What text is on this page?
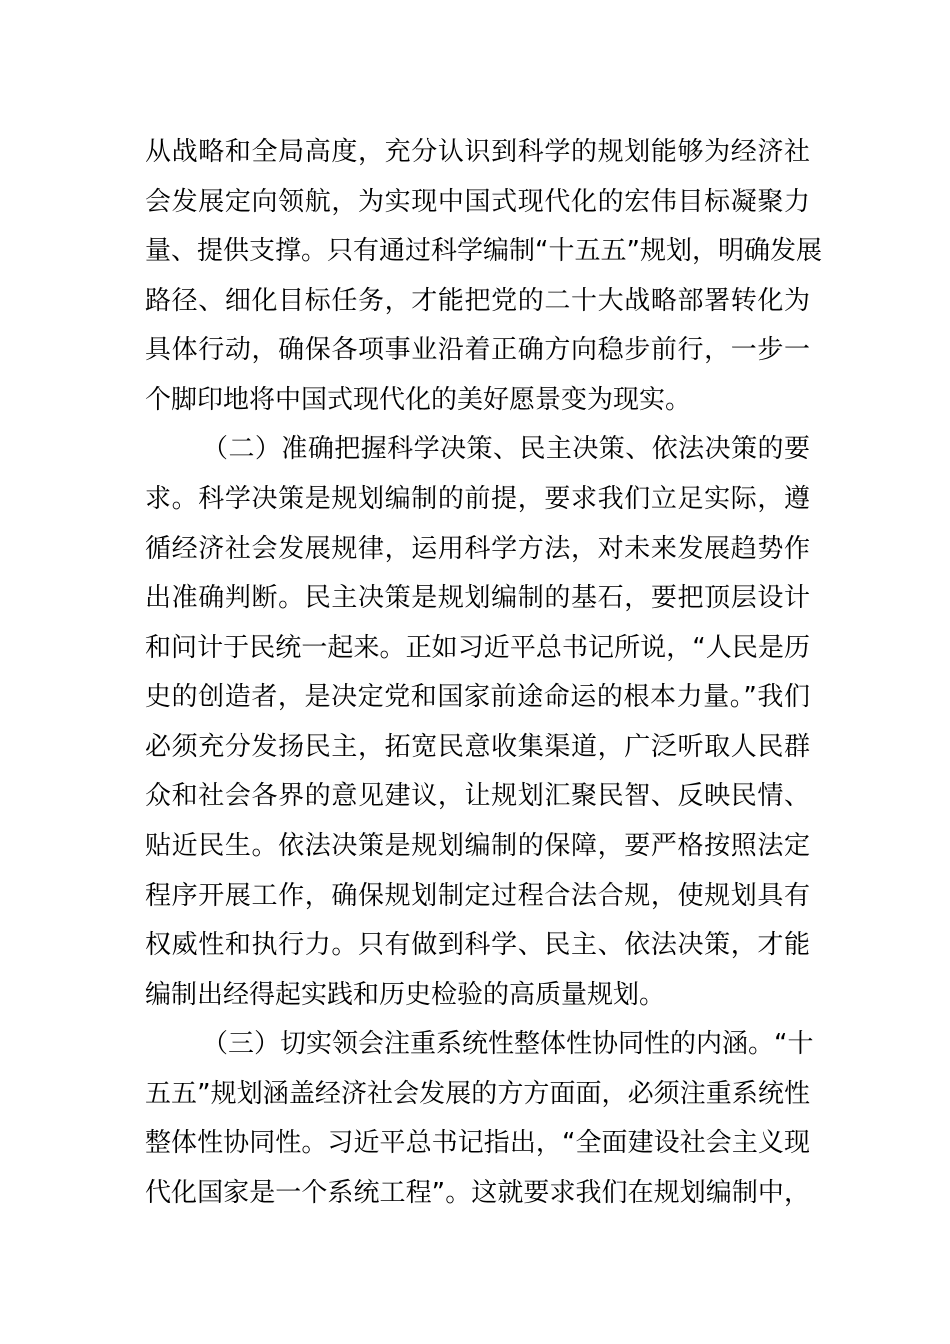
从战略和全局高度，充分认识到科学的规划能够为经济社
会发展定向领航，为实现中国式现代化的宏伟目标凝聚力
量、提供支撑。只有通过科学编制“十五五”规划，明确发展
路径、细化目标任务，才能把党的二十大战略部署转化为
具体行动，确保各项事业沿着正确方向稳步前行，一步一
个脚印地将中国式现代化的美好愿景变为现实。
（二）准确把握科学决策、民主决策、依法决策的要
求。科学决策是规划编制的前提，要求我们立足实际，遵
循经济社会发展规律，运用科学方法，对未来发展趋势作
出准确判断。民主决策是规划编制的基石，要把顶层设计
和问计于民统一起来。正如习近平总书记所说，“人民是历
史的创造者，是决定党和国家前途命运的根本力量。”我们
必须充分发扬民主，拓宽民意收集渠道，广泛听取人民群
众和社会各界的意见建议，让规划汇聚民智、反映民情、
贴近民生。依法决策是规划编制的保障，要严格按照法定
程序开展工作，确保规划制定过程合法合规，使规划具有
权威性和执行力。只有做到科学、民主、依法决策，才能
编制出经得起实践和历史检验的高质量规划。
（三）切实领会注重系统性整体性协同性的内涵。“十
五五”规划涵盖经济社会发展的方方面面，必须注重系统性
整体性协同性。习近平总书记指出，“全面建设社会主义现
代化国家是一个系统工程”。这就要求我们在规划编制中，
